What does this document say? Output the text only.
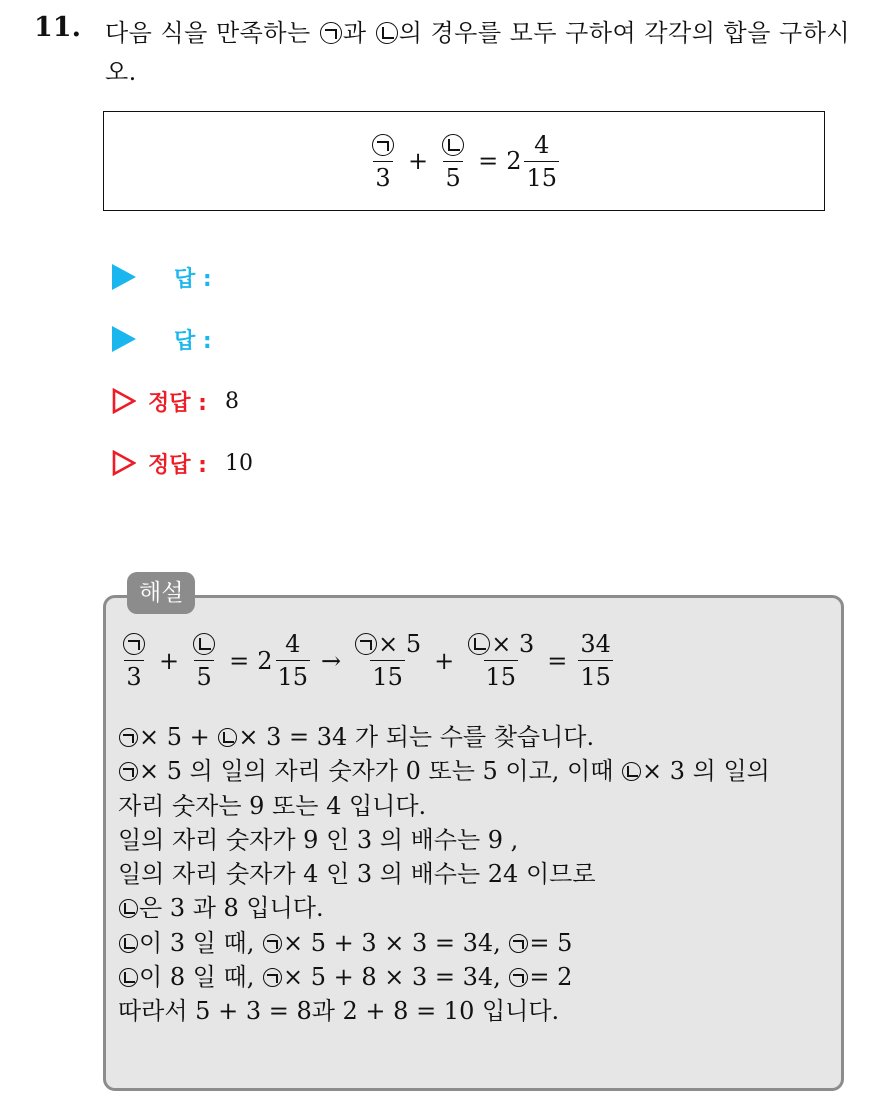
11. 다음 식을 만족하는 과 의 경우를 모두 구하여 각각의 합을 구하시오.
3
+
5
= $2 \frac{4}{15}$
답 :
답 :
정답 : 8
정답 : 10
해설
3
+
5
= $2 \frac{4}{15} \to \frac{\times 5}{15} + \frac{\times 3}{15} = \frac{34}{15}$
× 5 + × 3 = 34 가 되는 수를 찾습니다.
× 5 의 일의 자리 숫자가 0 또는 5 이고, 이때 × 3 의 일의
자리 숫자는 9 또는 4 입니다.
일의 자리 숫자가 9 인 3 의 배수는 9 ,
일의 자리 숫자가 4 인 3 의 배수는 24 이므로
은 3 과 8 입니다.
이 3 일 때, × 5 + 3 × 3 = 34, = 5
이 8 일 때, × 5 + 8 × 3 = 34, = 2
따라서 5 + 3 = 8과 2 + 8 = 10 입니다.
